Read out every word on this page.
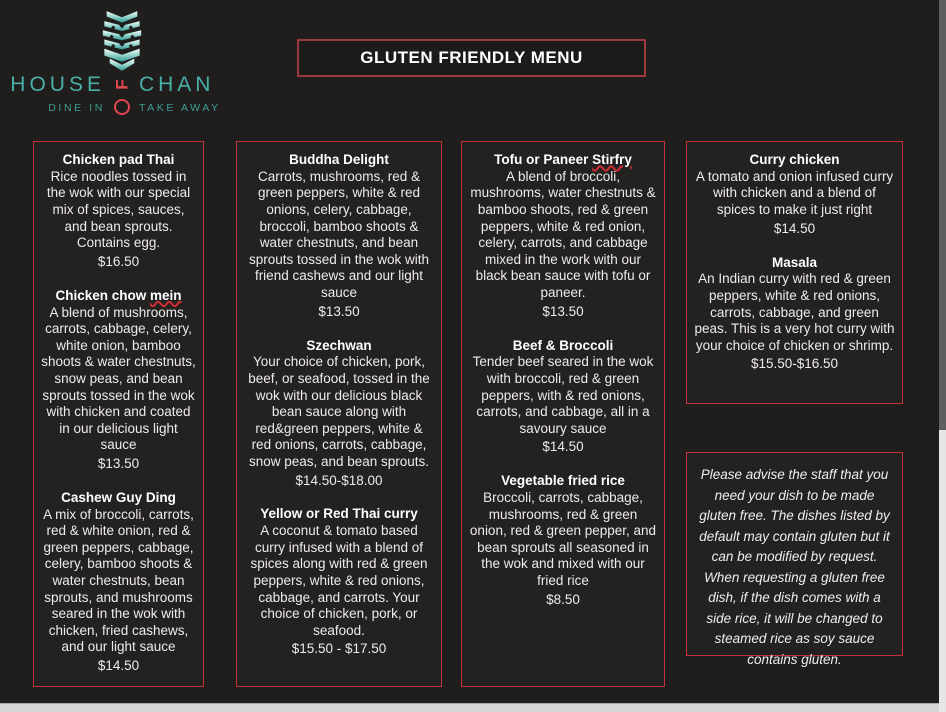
HOUSE F CHAN
DINE IN	TAKE AWAY
GLUTEN FRIENDLY MENU
Chicken pad Thai
Rice noodles tossed in the wok with our special mix of spices, sauces, and bean sprouts. Contains egg.
$16.50
Chicken chow mein
A blend of mushrooms, carrots, cabbage, celery, white onion, bamboo shoots & water chestnuts, snow peas, and bean sprouts tossed in the wok with chicken and coated in our delicious light sauce
$13.50
Cashew Guy Ding
A mix of broccoli, carrots, red & white onion, red & green peppers, cabbage, celery, bamboo shoots & water chestnuts, bean sprouts, and mushrooms seared in the wok with chicken, fried cashews, and our light sauce
$14.50
Buddha Delight
Carrots, mushrooms, red & green peppers, white & red onions, celery, cabbage, broccoli, bamboo shoots & water chestnuts, and bean sprouts tossed in the wok with friend cashews and our light sauce
$13.50
Szechwan
Your choice of chicken, pork, beef, or seafood, tossed in the wok with our delicious black bean sauce along with red&green peppers, white & red onions, carrots, cabbage, snow peas, and bean sprouts.
$14.50-$18.00
Yellow or Red Thai curry
A coconut & tomato based curry infused with a blend of spices along with red & green peppers, white & red onions, cabbage, and carrots. Your choice of chicken, pork, or seafood.
$15.50 - $17.50
Tofu or Paneer Stirfry
A blend of broccoli, mushrooms, water chestnuts & bamboo shoots, red & green peppers, white & red onion, celery, carrots, and cabbage mixed in the work with our black bean sauce with tofu or paneer.
$13.50
Beef & Broccoli
Tender beef seared in the wok with broccoli, red & green peppers, with & red onions, carrots, and cabbage, all in a savoury sauce
$14.50
Vegetable fried rice
Broccoli, carrots, cabbage, mushrooms, red & green onion, red & green pepper, and bean sprouts all seasoned in the wok and mixed with our fried rice
$8.50
Curry chicken
A tomato and onion infused curry with chicken and a blend of spices to make it just right
$14.50
Masala
An Indian curry with red & green peppers, white & red onions, carrots, cabbage, and green peas. This is a very hot curry with your choice of chicken or shrimp.
$15.50-$16.50
Please advise the staff that you need your dish to be made gluten free. The dishes listed by default may contain gluten but it can be modified by request. When requesting a gluten free dish, if the dish comes with a side rice, it will be changed to steamed rice as soy sauce contains gluten.
